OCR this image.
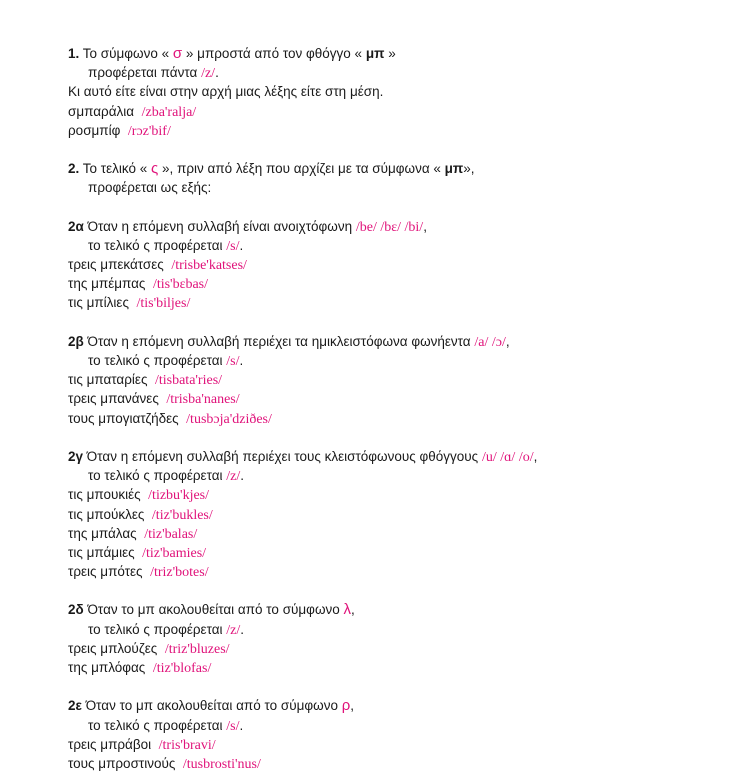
1. Το σύμφωνο « σ » μπροστά από τον φθόγγο « μπ »
προφέρεται πάντα /z/.
Κι αυτό είτε είναι στην αρχή μιας λέξης είτε στη μέση.
σμπαράλια /zba'ralja/
ροσμπίφ /rɔz'bif/
2. Το τελικό « ς », πριν από λέξη που αρχίζει με τα σύμφωνα « μπ»,
προφέρεται ως εξής:
2α Όταν η επόμενη συλλαβή είναι ανοιχτόφωνη /be/ /bɛ/ /bi/,
το τελικό ς προφέρεται /s/.
τρεις μπεκάτσες /trisbe'katses/
της μπέμπας /tis'bɛbas/
τις μπίλιες /tis'biljes/
2β Όταν η επόμενη συλλαβή περιέχει τα ημικλειστόφωνα φωνήεντα /a/ /ɔ/,
το τελικό ς προφέρεται /s/.
τις μπαταρίες /tisbata'ries/
τρεις μπανάνες /trisba'nanes/
τους μπογιατζήδες /tusbɔja'dziðes/
2γ Όταν η επόμενη συλλαβή περιέχει τους κλειστόφωνους φθόγγους /u/ /ɑ/ /o/,
το τελικό ς προφέρεται /z/.
τις μπουκιές /tizbu'kjes/
τις μπούκλες /tiz'bukles/
της μπάλας /tiz'balas/
τις μπάμιες /tiz'bamies/
τρεις μπότες /triz'botes/
2δ Όταν το μπ ακολουθείται από το σύμφωνο λ,
το τελικό ς προφέρεται /z/.
τρεις μπλούζες /triz'bluzes/
της μπλόφας /tiz'blofas/
2ε Όταν το μπ ακολουθείται από το σύμφωνο ρ,
το τελικό ς προφέρεται /s/.
τρεις μπράβοι /tris'bravi/
τους μπροστινούς /tusbrosti'nus/
